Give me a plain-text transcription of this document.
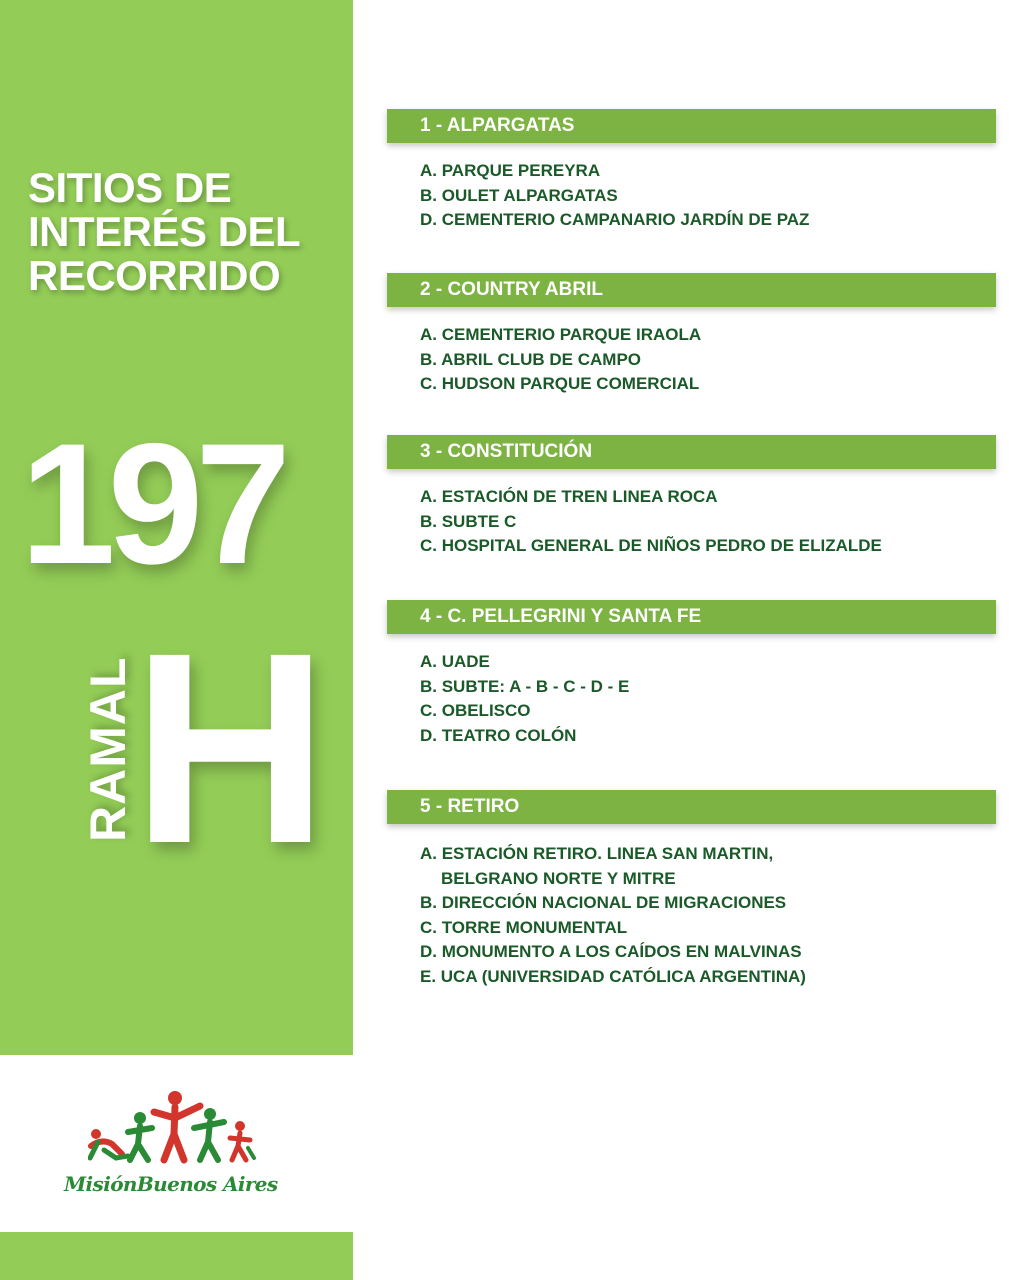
SITIOS DE
INTERÉS DEL
RECORRIDO
197
RAMAL
H
MisiónBuenos Aires
1 - ALPARGATAS
A. PARQUE PEREYRA
B. OULET ALPARGATAS
D. CEMENTERIO CAMPANARIO JARDÍN DE PAZ
2 - COUNTRY ABRIL
A. CEMENTERIO PARQUE IRAOLA
B. ABRIL CLUB DE CAMPO
C. HUDSON PARQUE COMERCIAL
3 - CONSTITUCIÓN
A. ESTACIÓN DE TREN LINEA ROCA
B. SUBTE C
C. HOSPITAL GENERAL DE NIÑOS PEDRO DE ELIZALDE
4 - C. PELLEGRINI Y SANTA FE
A. UADE
B. SUBTE: A - B - C - D - E
C. OBELISCO
D. TEATRO COLÓN
5 - RETIRO
A. ESTACIÓN RETIRO. LINEA SAN MARTIN,
BELGRANO NORTE Y MITRE
B. DIRECCIÓN NACIONAL DE MIGRACIONES
C. TORRE MONUMENTAL
D. MONUMENTO A LOS CAÍDOS EN MALVINAS
E. UCA (UNIVERSIDAD CATÓLICA ARGENTINA)
